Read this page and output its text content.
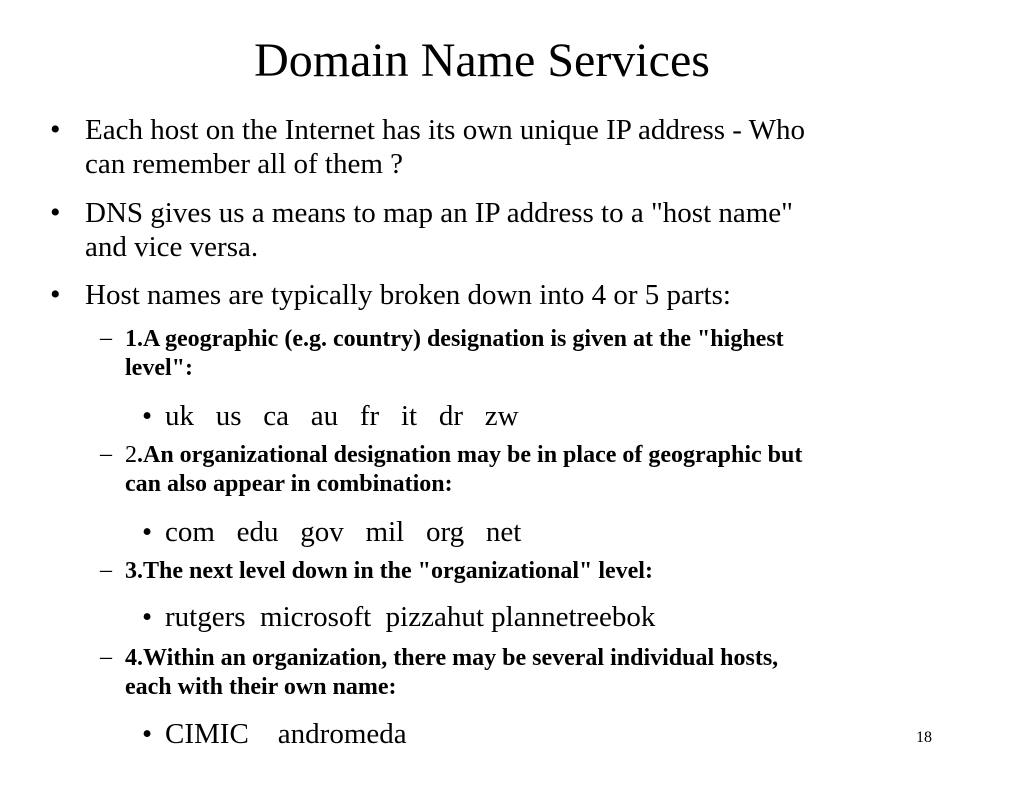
Domain Name Services
• Each host on the Internet has its own unique IP address - Who
can remember all of them ?
• DNS gives us a means to map an IP address to a "host name"
and vice versa.
• Host names are typically broken down into 4 or 5 parts:
– 1.A geographic (e.g. country) designation is given at the "highest
level":
• uk   us   ca   au   fr   it   dr   zw
– 2.An organizational designation may be in place of geographic but
can also appear in combination:
• com   edu   gov   mil   org   net
– 3.The next level down in the "organizational" level:
• rutgers  microsoft  pizzahut plannetreebok
– 4.Within an organization, there may be several individual hosts,
each with their own name:
• CIMIC    andromeda	18
